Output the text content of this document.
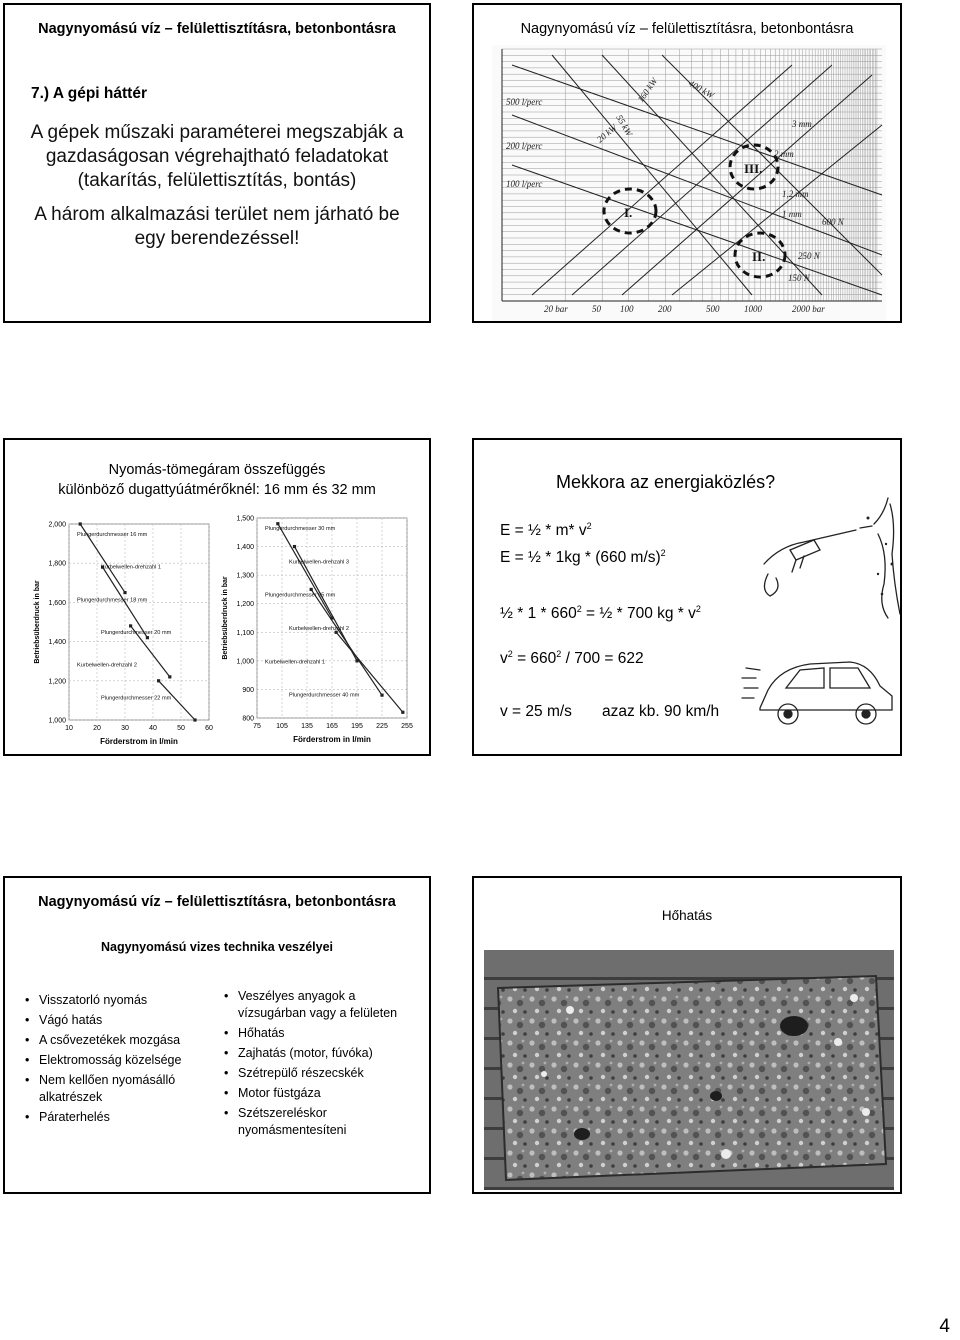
Nagynyomású víz – felülettisztításra, betonbontásra
7.) A gépi háttér

A gépek műszaki paraméterei megszabják a gazdaságosan végrehajtható feladatokat (takarítás, felülettisztítás, bontás)

A három alkalmazási terület nem járható be egy berendezéssel!

Nagynyomású víz – felülettisztításra, betonbontásra
500 l/perc
200 l/perc
100 l/perc
20 bar	50 100	200	500	1000	2000 bar
20 kW
55 kW
160 kW	400 kW
3 mm
2 mm
1,2 mm
1 mm
600 N
250 N
150 N
I.
II.
III.
Nyomás-tömegáram összefüggés
különböző dugattyúátmérőknél: 16 mm és 32 mm
10	20	30	40	50	60
1,000
1,200
1,400
1,600
1,800
2,000
Förderstrom in l/min
Betriebsüberdruck in bar
Plungerdurchmesser 16 mm
Kurbelwellen-drehzahl 1
Plungerdurchmesser 18 mm
Plungerdurchmesser 20 mm
Kurbelwellen-drehzahl 2
Plungerdurchmesser 22 mm
75 105 135 165 195 225 255
800
900
1,000
1,100
1,200
1,300
1,400
1,500
Förderstrom in l/min
Betriebsüberdruck in bar
Plungerdurchmesser 30 mm
Kurbelwellen-drehzahl 3
Plungerdurchmesser 35 mm
Kurbelwellen-drehzahl 2
Kurbelwellen-drehzahl 1
Plungerdurchmesser 40 mm
Mekkora az energiaközlés?
E = ½ * m* $v^2$
E = ½ * 1kg * (660 m/s)$^2$
½ * $1 * 660^2$ = ½ * 700 kg * $v^2$
$v^2 = 660^2 / 700 = 622$
v = 25 m/s azaz kb. 90 km/h
Nagynyomású víz – felülettisztításra, betonbontásra
Nagynyomású vizes technika veszélyei
• Visszatorló nyomás
• Vágó hatás
• A csővezetékek mozgása
• Elektromosság közelsége
• Nem kellően nyomásálló alkatrészek
• Páraterhelés
• Veszélyes anyagok a vízsugárban vagy a felületen
• Hőhatás
• Zajhatás (motor, fúvóka)
• Szétrepülő részecskék
• Motor füstgáza
• Szétszereléskor nyomásmentesíteni
Hőhatás
4
